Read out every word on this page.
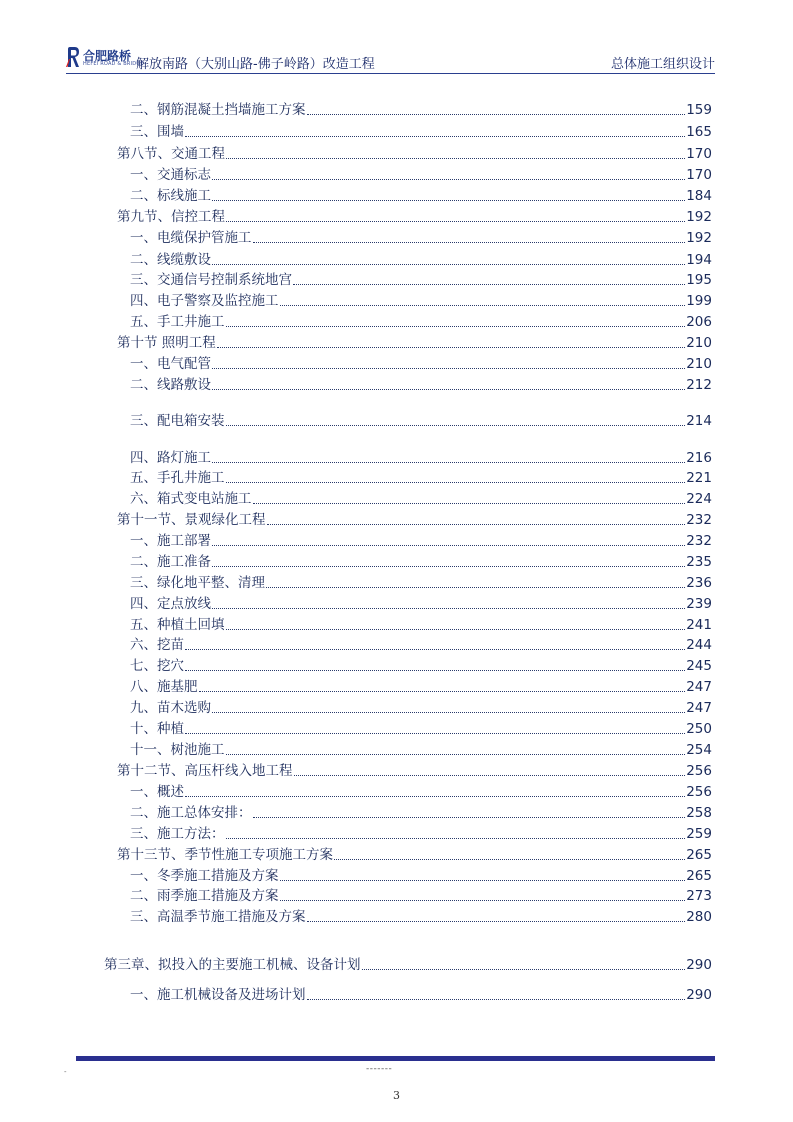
合肥路桥
HEFEI ROAD & BRIDGE
解放南路（大别山路-佛子岭路）改造工程	总体施工组织设计
二、钢筋混凝土挡墙施工方案	159
三、围墙	165
第八节、交通工程	170
一、交通标志	170
二、标线施工	184
第九节、信控工程	192
一、电缆保护管施工	192
二、线缆敷设	194
三、交通信号控制系统地宫	195
四、电子警察及监控施工	199
五、手工井施工	206
第十节 照明工程	210
一、电气配管	210
二、线路敷设	212
三、配电箱安装	214
四、路灯施工	216
五、手孔井施工	221
六、箱式变电站施工	224
第十一节、景观绿化工程	232
一、施工部署	232
二、施工准备	235
三、绿化地平整、清理	236
四、定点放线	239
五、种植土回填	241
六、挖苗	244
七、挖穴	245
八、施基肥	247
九、苗木选购	247
十、种植	250
十一、树池施工	254
第十二节、高压杆线入地工程	256
一、概述	256
二、施工总体安排：	258
三、施工方法：	259
第十三节、季节性施工专项施工方案	265
一、冬季施工措施及方案	265
二、雨季施工措施及方案	273
三、高温季节施工措施及方案	280
第三章、拟投入的主要施工机械、设备计划	290
一、施工机械设备及进场计划	290
-	-------
3
